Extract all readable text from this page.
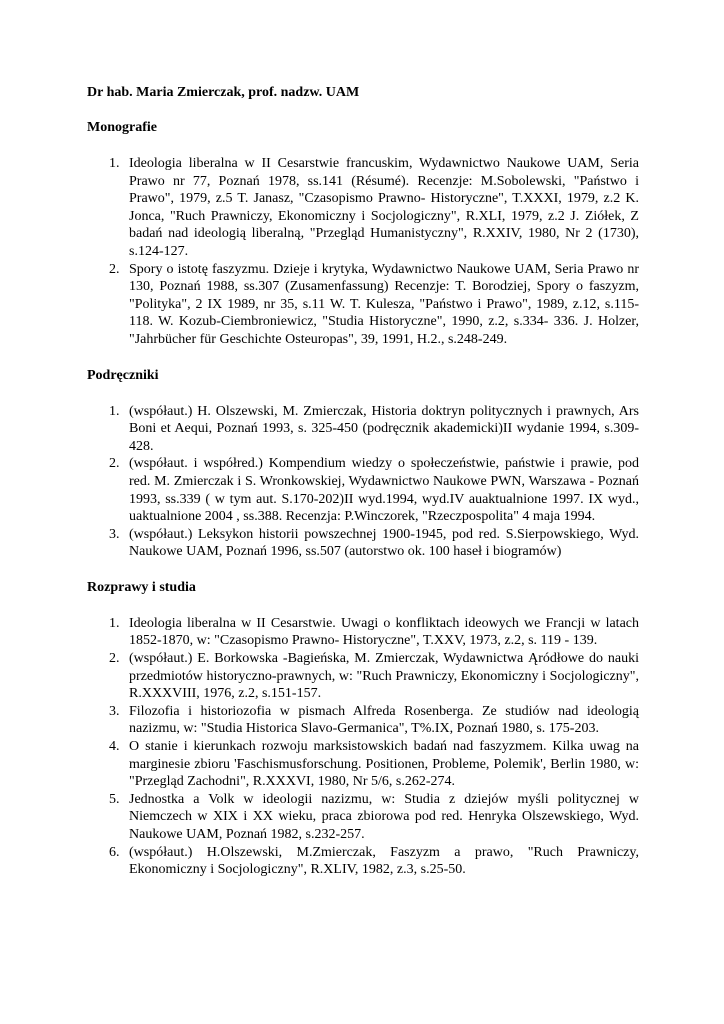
Dr hab. Maria Zmierczak, prof. nadzw. UAM

Monografie
1. Ideologia liberalna w II Cesarstwie francuskim, Wydawnictwo Naukowe UAM, Seria Prawo nr 77, Poznań 1978, ss.141 (Résumé). Recenzje: M.Sobolewski, "Państwo i Prawo", 1979, z.5 T. Janasz, "Czasopismo Prawno- Historyczne", T.XXXI, 1979, z.2 K. Jonca, "Ruch Prawniczy, Ekonomiczny i Socjologiczny", R.XLI, 1979, z.2 J. Ziółek, Z badań nad ideologią liberalną, "Przegląd Humanistyczny", R.XXIV, 1980, Nr 2 (1730), s.124-127.
2. Spory o istotę faszyzmu. Dzieje i krytyka, Wydawnictwo Naukowe UAM, Seria Prawo nr 130, Poznań 1988, ss.307 (Zusamenfassung) Recenzje: T. Borodziej, Spory o faszyzm, "Polityka", 2 IX 1989, nr 35, s.11 W. T. Kulesza, "Państwo i Prawo", 1989, z.12, s.115-118. W. Kozub-Ciembroniewicz, "Studia Historyczne", 1990, z.2, s.334- 336. J. Holzer, "Jahrbücher für Geschichte Osteuropas", 39, 1991, H.2., s.248-249.
Podręczniki
1. (współaut.) H. Olszewski, M. Zmierczak, Historia doktryn politycznych i prawnych, Ars Boni et Aequi, Poznań 1993, s. 325-450 (podręcznik akademicki)II wydanie 1994, s.309-428.
2. (współaut. i współred.) Kompendium wiedzy o społeczeństwie, państwie i prawie, pod red. M. Zmierczak i S. Wronkowskiej, Wydawnictwo Naukowe PWN, Warszawa - Poznań 1993, ss.339 ( w tym aut. S.170-202)II wyd.1994, wyd.IV auaktualnione 1997. IX wyd., uaktualnione 2004 , ss.388. Recenzja: P.Winczorek, "Rzeczpospolita" 4 maja 1994.
3. (współaut.) Leksykon historii powszechnej 1900-1945, pod red. S.Sierpowskiego, Wyd. Naukowe UAM, Poznań 1996, ss.507 (autorstwo ok. 100 haseł i biogramów)
Rozprawy i studia
1. Ideologia liberalna w II Cesarstwie. Uwagi o konfliktach ideowych we Francji w latach 1852-1870, w: "Czasopismo Prawno- Historyczne", T.XXV, 1973, z.2, s. 119 - 139.
2. (współaut.) E. Borkowska -Bagieńska, M. Zmierczak, Wydawnictwa Ąródłowe do nauki przedmiotów historyczno-prawnych, w: "Ruch Prawniczy, Ekonomiczny i Socjologiczny", R.XXXVIII, 1976, z.2, s.151-157.
3. Filozofia i historiozofia w pismach Alfreda Rosenberga. Ze studiów nad ideologią nazizmu, w: "Studia Historica Slavo-Germanica", T%.IX, Poznań 1980, s. 175-203.
4. O stanie i kierunkach rozwoju marksistowskich badań nad faszyzmem. Kilka uwag na marginesie zbioru 'Faschismusforschung. Positionen, Probleme, Polemik', Berlin 1980, w: "Przegląd Zachodni", R.XXXVI, 1980, Nr 5/6, s.262-274.
5. Jednostka a Volk w ideologii nazizmu, w: Studia z dziejów myśli politycznej w Niemczech w XIX i XX wieku, praca zbiorowa pod red. Henryka Olszewskiego, Wyd. Naukowe UAM, Poznań 1982, s.232-257.
6. (współaut.) H.Olszewski, M.Zmierczak, Faszyzm a prawo, "Ruch Prawniczy, Ekonomiczny i Socjologiczny", R.XLIV, 1982, z.3, s.25-50.
